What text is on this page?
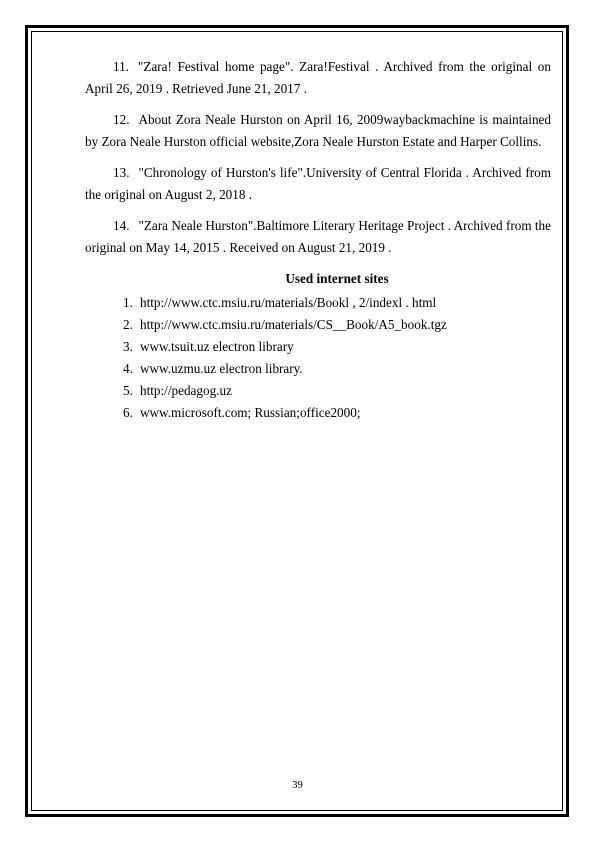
11. "Zara! Festival home page". Zara!Festival . Archived from the original on April 26, 2019 . Retrieved June 21, 2017 .

12. About Zora Neale Hurston on April 16, 2009waybackmachine is maintained by Zora Neale Hurston official website,Zora Neale Hurston Estate and Harper Collins.

13. "Chronology of Hurston's life".University of Central Florida . Archived from the original on August 2, 2018 .

14. "Zara Neale Hurston".Baltimore Literary Heritage Project . Archived from the original on May 14, 2015 . Received on August 21, 2019 .

Used internet sites
1. http://www.ctc.msiu.ru/materials/Bookl , 2/indexl . html
2. http://www.ctc.msiu.ru/materials/CS__Book/A5_book.tgz
3. www.tsuit.uz electron library
4. www.uzmu.uz electron library.
5. http://pedagog.uz
6. www.microsoft.com; Russian;office2000;
39
